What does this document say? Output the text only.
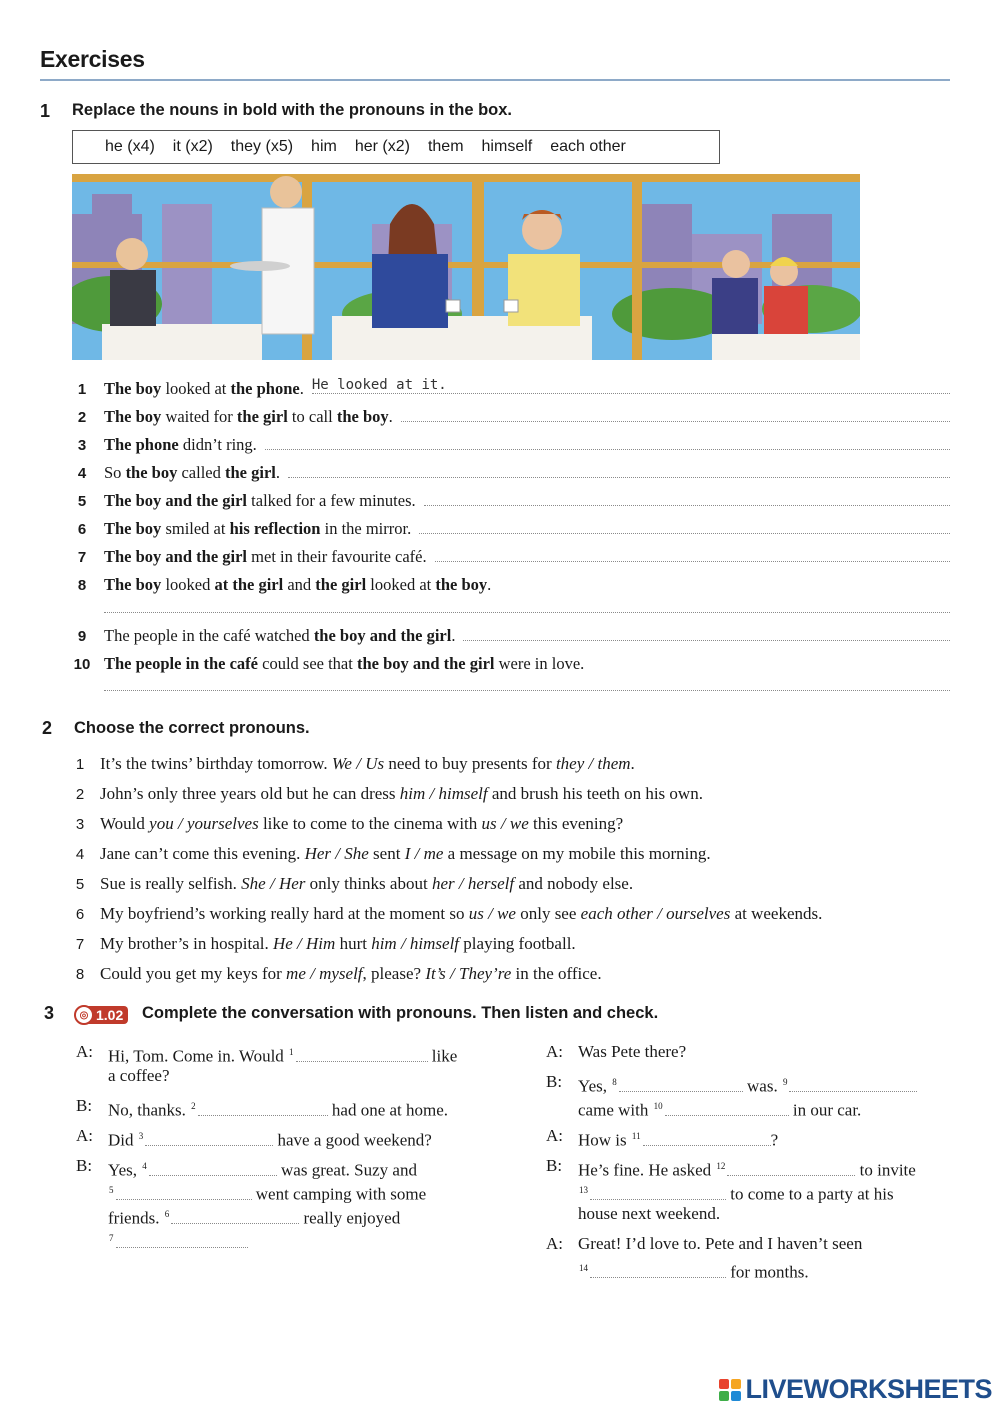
Exercises
1 Replace the nouns in bold with the pronouns in the box.
he (x4) it (x2) they (x5) him her (x2) them himself each other
1	The boy looked at the phone. He looked at it.
2	The boy waited for the girl to call the boy.
3	The phone didn’t ring.
4	So the boy called the girl.
5	The boy and the girl talked for a few minutes.
6	The boy smiled at his reflection in the mirror.
7	The boy and the girl met in their favourite café.
8	The boy looked at the girl and the girl looked at the boy.
9	The people in the café watched the boy and the girl.
10 The people in the café could see that the boy and the girl were in love.
2 Choose the correct pronouns.
1 It’s the twins’ birthday tomorrow. We / Us need to buy presents for they / them.
2 John’s only three years old but he can dress him / himself and brush his teeth on his own.
3 Would you / yourselves like to come to the cinema with us / we this evening?
4 Jane can’t come this evening. Her / She sent I / me a message on my mobile this morning.
5 Sue is really selfish. She / Her only thinks about her / herself and nobody else.
6 My boyfriend’s working really hard at the moment so us / we only see each other / ourselves at weekends.
7 My brother’s in hospital. He / Him hurt him / himself playing football.
8 Could you get my keys for me / myself, please? It’s / They’re in the office.
3	◎ 1.02	Complete the conversation with pronouns. Then listen and check.
A: Hi, Tom. Come in. Would $^1$	like
a coffee?
B: No, thanks. $^2$	had one at home.
A: Did $^3$	have a good weekend?
B: Yes, $^4$	was great. Suzy and
$^5$	went camping with some
friends. $^6$	really enjoyed
$^7$
A: Was Pete there?
B: Yes, $^8$	was. $^9$
came with $^{10}$	in our car.
A: How is $^{11}$	?
B: He’s fine. He asked $^{12}$	to invite
$^{13}$	to come to a party at his
house next weekend.
A: Great! I’d love to. Pete and I haven’t seen
$^{14}$	for months.
LIVEWORKSHEETS
